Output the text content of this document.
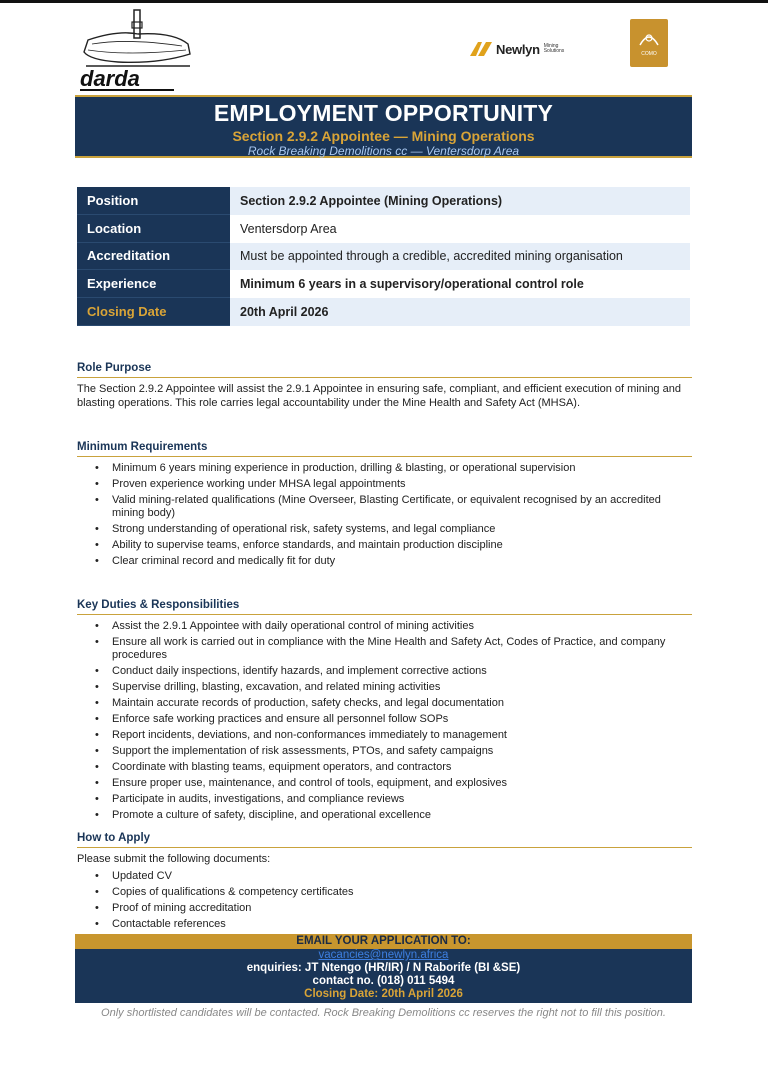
darda
Newlyn Mining Solutions	COMO
EMPLOYMENT OPPORTUNITY
Section 2.9.2 Appointee — Mining Operations
Rock Breaking Demolitions cc — Ventersdorp Area
Position	Section 2.9.2 Appointee (Mining Operations)
Location	Ventersdorp Area
Accreditation	Must be appointed through a credible, accredited mining organisation
Experience	Minimum 6 years in a supervisory/operational control role
Closing Date	20th April 2026
Role Purpose
The Section 2.9.2 Appointee will assist the 2.9.1 Appointee in ensuring safe, compliant, and efficient execution of mining and blasting operations. This role carries legal accountability under the Mine Health and Safety Act (MHSA).
Minimum Requirements
• Minimum 6 years mining experience in production, drilling & blasting, or operational supervision
• Proven experience working under MHSA legal appointments
• Valid mining-related qualifications (Mine Overseer, Blasting Certificate, or equivalent recognised by an accredited mining body)
• Strong understanding of operational risk, safety systems, and legal compliance
• Ability to supervise teams, enforce standards, and maintain production discipline
• Clear criminal record and medically fit for duty
Key Duties & Responsibilities
• Assist the 2.9.1 Appointee with daily operational control of mining activities
• Ensure all work is carried out in compliance with the Mine Health and Safety Act, Codes of Practice, and company procedures
• Conduct daily inspections, identify hazards, and implement corrective actions
• Supervise drilling, blasting, excavation, and related mining activities
• Maintain accurate records of production, safety checks, and legal documentation
• Enforce safe working practices and ensure all personnel follow SOPs
• Report incidents, deviations, and non-conformances immediately to management
• Support the implementation of risk assessments, PTOs, and safety campaigns
• Coordinate with blasting teams, equipment operators, and contractors
• Ensure proper use, maintenance, and control of tools, equipment, and explosives
• Participate in audits, investigations, and compliance reviews
• Promote a culture of safety, discipline, and operational excellence
How to Apply
Please submit the following documents:
• Updated CV
• Copies of qualifications & competency certificates
• Proof of mining accreditation
• Contactable references
EMAIL YOUR APPLICATION TO:
vacancies@newlyn.africa
enquiries: JT Ntengo (HR/IR) / N Raborife (BI &SE)
contact no. (018) 011 5494
Closing Date: 20th April 2026
Only shortlisted candidates will be contacted. Rock Breaking Demolitions cc reserves the right not to fill this position.
